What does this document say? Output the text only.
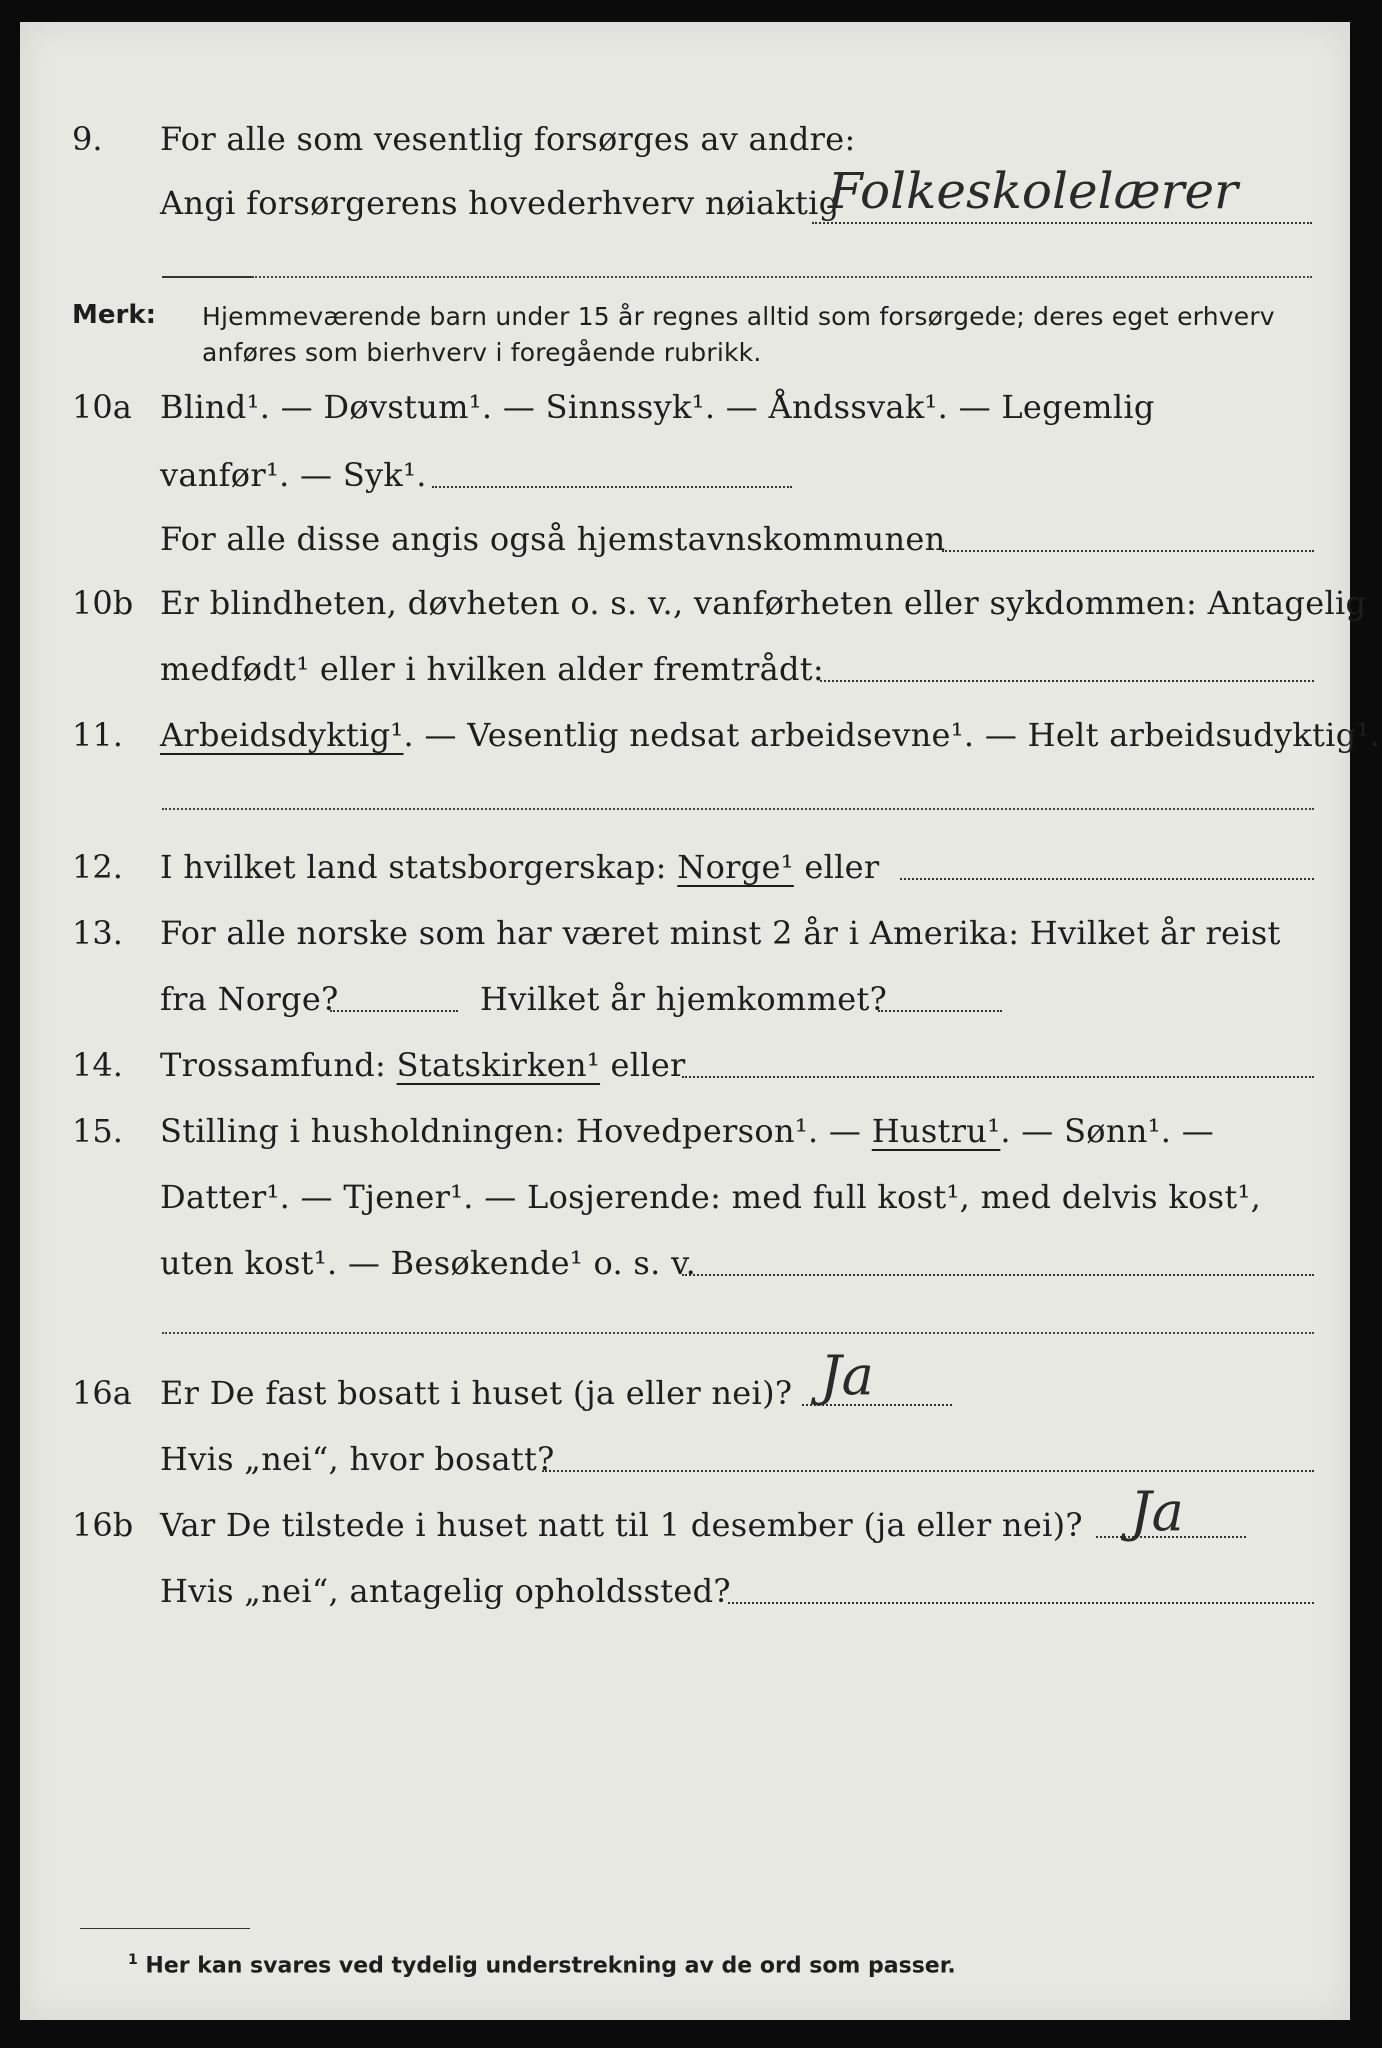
9. For alle som vesentlig forsørges av andre:
Angi forsørgerens hovederhverv nøiaktig
Folkeskolelærer
Merk: Hjemmeværende barn under 15 år regnes alltid som forsørgede; deres eget erhverv
anføres som bierhverv i foregående rubrikk.
10a Blind¹. — Døvstum¹. — Sinnssyk¹. — Åndssvak¹. — Legemlig
vanfør¹. — Syk¹.
For alle disse angis også hjemstavnskommunen
10b Er blindheten, døvheten o. s. v., vanførheten eller sykdommen: Antagelig
medfødt¹ eller i hvilken alder fremtrådt:
11. Arbeidsdyktig¹. — Vesentlig nedsat arbeidsevne¹. — Helt arbeidsudyktig¹.
12. I hvilket land statsborgerskap: Norge¹ eller
13. For alle norske som har været minst 2 år i Amerika: Hvilket år reist
fra Norge?	Hvilket år hjemkommet?
14. Trossamfund: Statskirken¹ eller
15. Stilling i husholdningen: Hovedperson¹. — Hustru¹. — Sønn¹. —
Datter¹. — Tjener¹. — Losjerende: med full kost¹, med delvis kost¹,
uten kost¹. — Besøkende¹ o. s. v.
16a Er De fast bosatt i huset (ja eller nei)? Ja
Hvis „nei“, hvor bosatt?
16b Var De tilstede i huset natt til 1 desember (ja eller nei)? Ja
Hvis „nei“, antagelig opholdssted?
$^1$ Her kan svares ved tydelig understrekning av de ord som passer.
